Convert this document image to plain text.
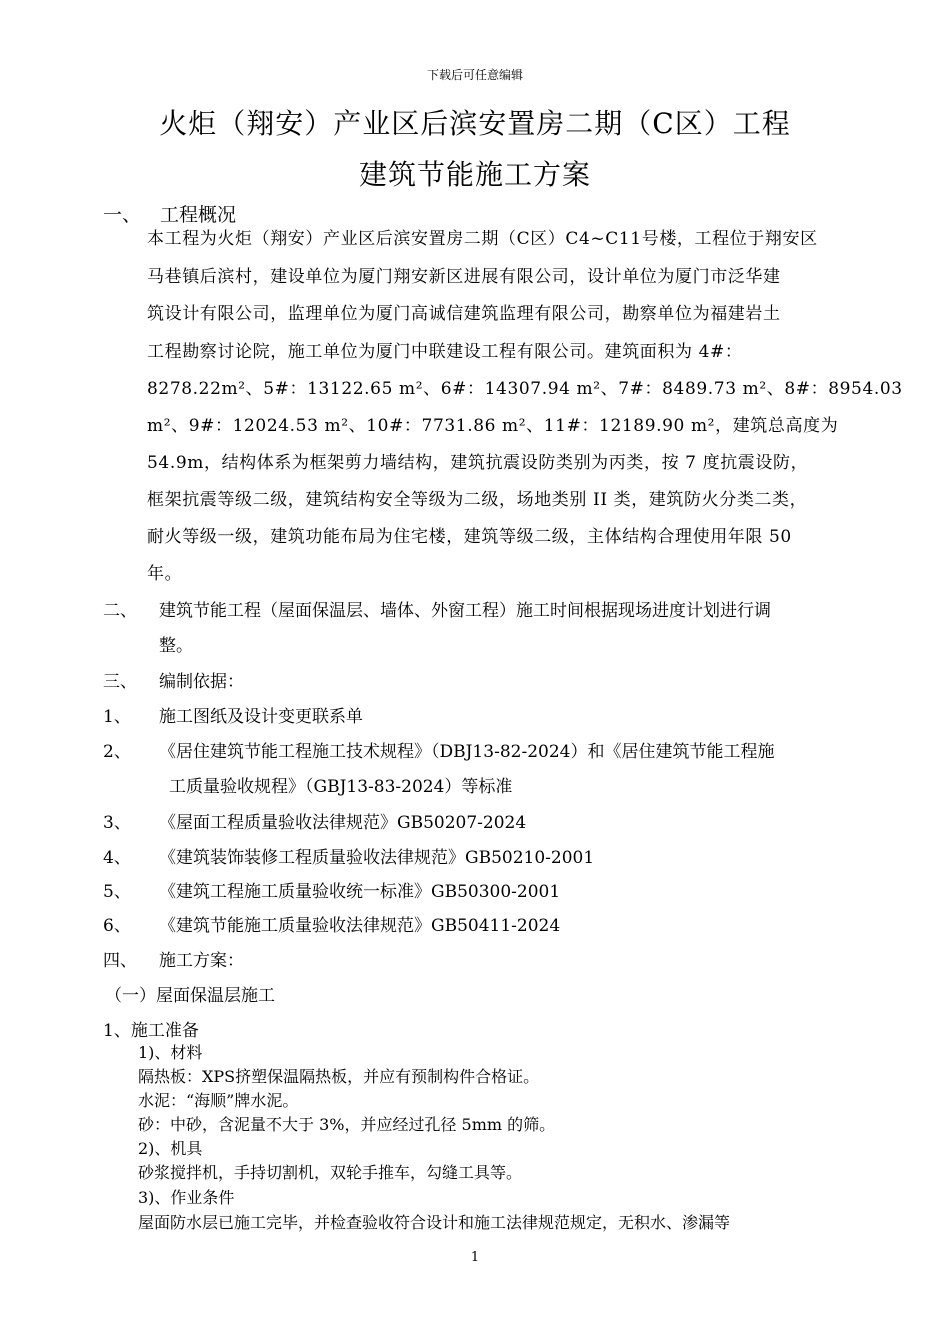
下载后可任意编辑
火炬（翔安）产业区后滨安置房二期（C区）工程
建筑节能施工方案
一、 工程概况
本工程为火炬（翔安）产业区后滨安置房二期（C区）C4~C11号楼，工程位于翔安区
马巷镇后滨村，建设单位为厦门翔安新区进展有限公司，设计单位为厦门市泛华建
筑设计有限公司，监理单位为厦门高诚信建筑监理有限公司，勘察单位为福建岩土
工程勘察讨论院，施工单位为厦门中联建设工程有限公司。建筑面积为 4#：
8278.22m²、5#：13122.65 m²、6#：14307.94 m²、7#：8489.73 m²、8#：8954.03
m²、9#：12024.53 m²、10#：7731.86 m²、11#：12189.90 m²，建筑总高度为
54.9m，结构体系为框架剪力墙结构，建筑抗震设防类别为丙类，按 7 度抗震设防，
框架抗震等级二级，建筑结构安全等级为二级，场地类别 II 类，建筑防火分类二类，
耐火等级一级，建筑功能布局为住宅楼，建筑等级二级，主体结构合理使用年限 50
年。
二、 建筑节能工程（屋面保温层、墙体、外窗工程）施工时间根据现场进度计划进行调
整。
三、 编制依据：
1、 施工图纸及设计变更联系单
2、 《居住建筑节能工程施工技术规程》（DBJ13-82-2024）和《居住建筑节能工程施
工质量验收规程》（GBJ13-83-2024）等标准
3、 《屋面工程质量验收法律规范》GB50207-2024
4、 《建筑装饰装修工程质量验收法律规范》GB50210-2001
5、 《建筑工程施工质量验收统一标准》GB50300-2001
6、 《建筑节能施工质量验收法律规范》GB50411-2024
四、 施工方案：
（一）屋面保温层施工
1、施工准备
1)、材料
隔热板：XPS挤塑保温隔热板，并应有预制构件合格证。
水泥：“海顺”牌水泥。
砂：中砂，含泥量不大于 3%，并应经过孔径 5mm 的筛。
2)、机具
砂浆搅拌机，手持切割机，双轮手推车，勾缝工具等。
3)、作业条件
屋面防水层已施工完毕，并检查验收符合设计和施工法律规范规定，无积水、渗漏等
1
